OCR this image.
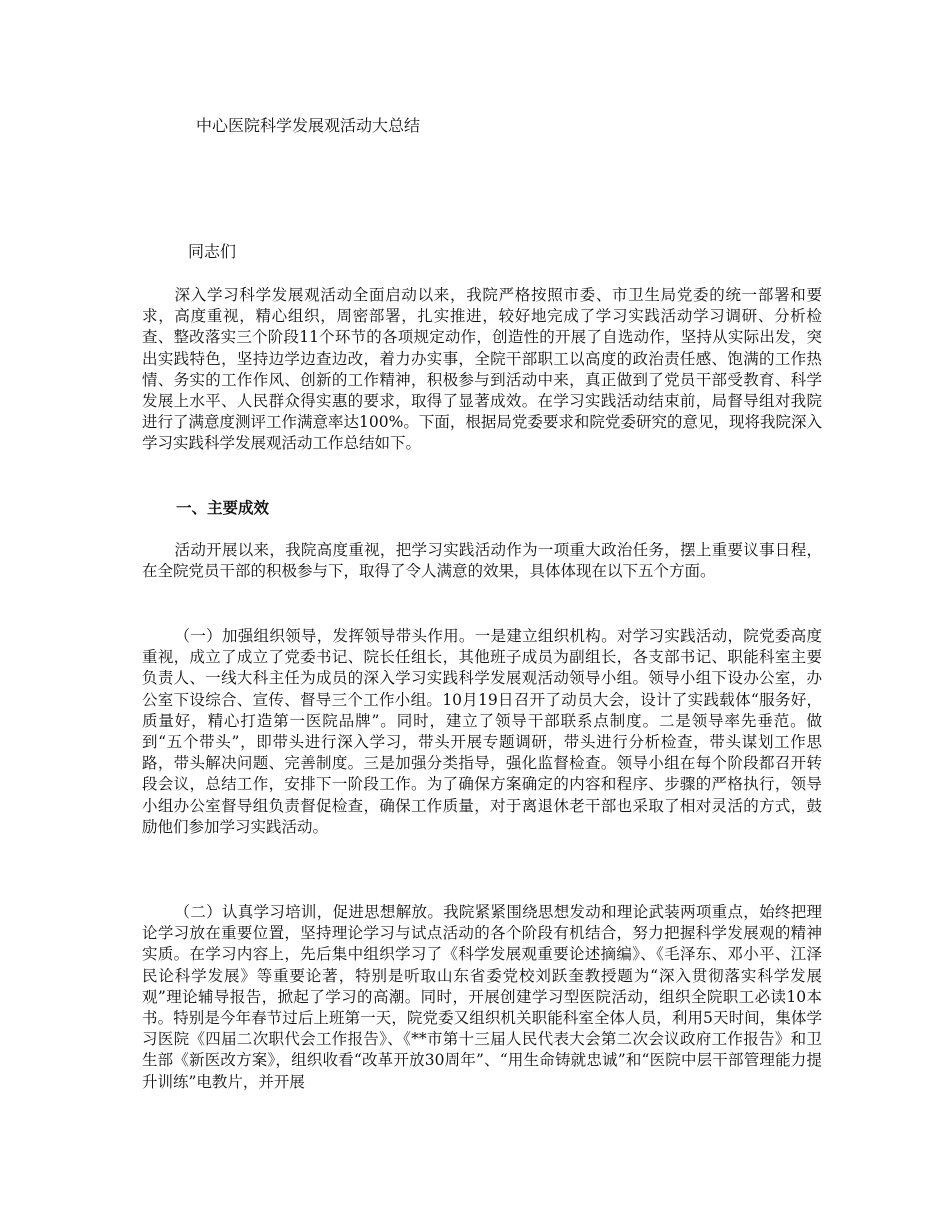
中心医院科学发展观活动大总结

同志们

深入学习科学发展观活动全面启动以来，我院严格按照市委、市卫生局党委的统一部署和要求，高度重视，精心组织，周密部署，扎实推进，较好地完成了学习实践活动学习调研、分析检查、整改落实三个阶段11个环节的各项规定动作，创造性的开展了自选动作，坚持从实际出发，突出实践特色，坚持边学边查边改，着力办实事，全院干部职工以高度的政治责任感、饱满的工作热情、务实的工作作风、创新的工作精神，积极参与到活动中来，真正做到了党员干部受教育、科学发展上水平、人民群众得实惠的要求，取得了显著成效。在学习实践活动结束前，局督导组对我院进行了满意度测评工作满意率达100%。下面，根据局党委要求和院党委研究的意见，现将我院深入学习实践科学发展观活动工作总结如下。

一、主要成效

活动开展以来，我院高度重视，把学习实践活动作为一项重大政治任务，摆上重要议事日程，在全院党员干部的积极参与下，取得了令人满意的效果，具体体现在以下五个方面。

（一）加强组织领导，发挥领导带头作用。一是建立组织机构。对学习实践活动，院党委高度重视，成立了成立了党委书记、院长任组长，其他班子成员为副组长，各支部书记、职能科室主要负责人、一线大科主任为成员的深入学习实践科学发展观活动领导小组。领导小组下设办公室，办公室下设综合、宣传、督导三个工作小组。10月19日召开了动员大会，设计了实践载体“服务好，质量好，精心打造第一医院品牌”。同时，建立了领导干部联系点制度。二是领导率先垂范。做到“五个带头”，即带头进行深入学习，带头开展专题调研，带头进行分析检查，带头谋划工作思路，带头解决问题、完善制度。三是加强分类指导，强化监督检查。领导小组在每个阶段都召开转段会议，总结工作，安排下一阶段工作。为了确保方案确定的内容和程序、步骤的严格执行，领导小组办公室督导组负责督促检查，确保工作质量，对于离退休老干部也采取了相对灵活的方式，鼓励他们参加学习实践活动。

（二）认真学习培训，促进思想解放。我院紧紧围绕思想发动和理论武装两项重点，始终把理论学习放在重要位置，坚持理论学习与试点活动的各个阶段有机结合，努力把握科学发展观的精神实质。在学习内容上，先后集中组织学习了《科学发展观重要论述摘编》、《毛泽东、邓小平、江泽民论科学发展》等重要论著，特别是听取山东省委党校刘跃奎教授题为“深入贯彻落实科学发展观”理论辅导报告，掀起了学习的高潮。同时，开展创建学习型医院活动，组织全院职工必读10本书。特别是今年春节过后上班第一天，院党委又组织机关职能科室全体人员，利用5天时间，集体学习医院《四届二次职代会工作报告》、《**市第十三届人民代表大会第二次会议政府工作报告》和卫生部《新医改方案》，组织收看“改革开放30周年”、“用生命铸就忠诚”和“医院中层干部管理能力提升训练”电教片，并开展
